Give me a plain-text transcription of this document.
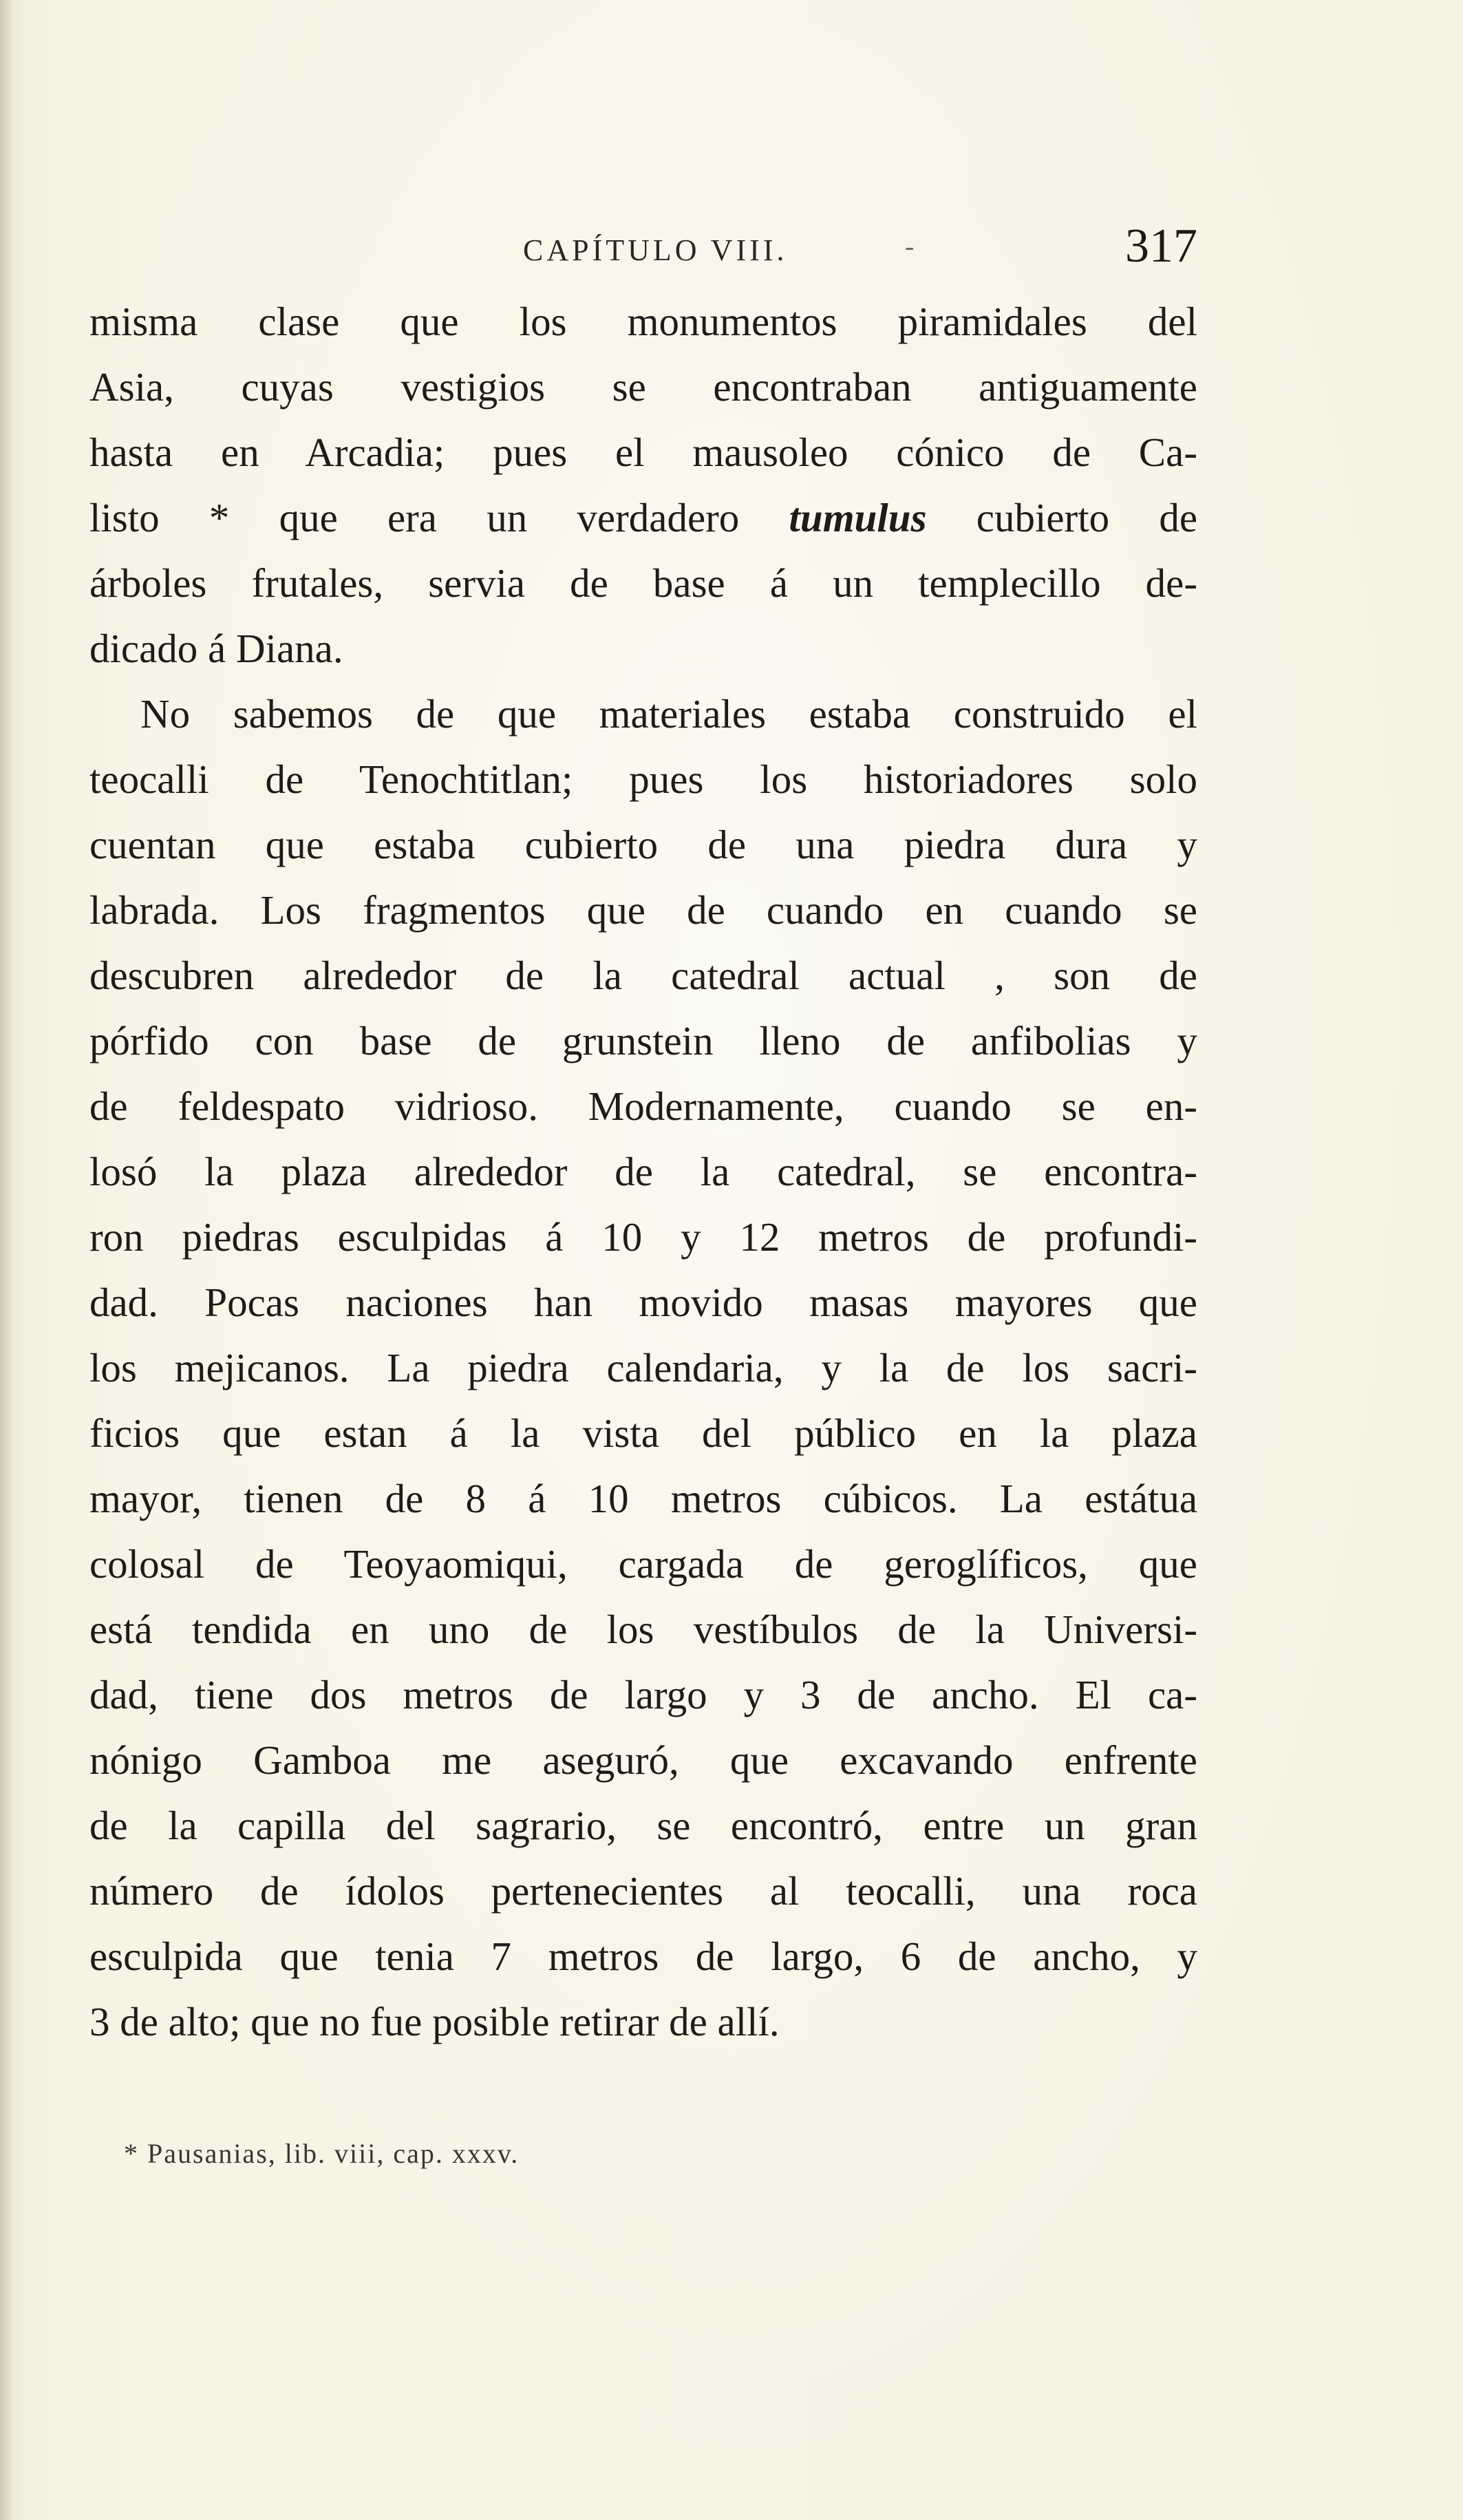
CAPÍTULO VIII.	-	317
misma clase que los monumentos piramidales del
Asia, cuyas vestigios se encontraban antiguamente
hasta en Arcadia; pues el mausoleo cónico de Ca-
listo * que era un verdadero tumulus cubierto de
árboles frutales, servia de base á un templecillo de-
dicado á Diana.
No sabemos de que materiales estaba construido el
teocalli de Tenochtitlan; pues los historiadores solo
cuentan que estaba cubierto de una piedra dura y
labrada. Los fragmentos que de cuando en cuando se
descubren alrededor de la catedral actual , son de
pórfido con base de grunstein lleno de anfibolias y
de feldespato vidrioso. Modernamente, cuando se en-
losó la plaza alrededor de la catedral, se encontra-
ron piedras esculpidas á 10 y 12 metros de profundi-
dad. Pocas naciones han movido masas mayores que
los mejicanos. La piedra calendaria, y la de los sacri-
ficios que estan á la vista del público en la plaza
mayor, tienen de 8 á 10 metros cúbicos. La estátua
colosal de Teoyaomiqui, cargada de geroglíficos, que
está tendida en uno de los vestíbulos de la Universi-
dad, tiene dos metros de largo y 3 de ancho. El ca-
nónigo Gamboa me aseguró, que excavando enfrente
de la capilla del sagrario, se encontró, entre un gran
número de ídolos pertenecientes al teocalli, una roca
esculpida que tenia 7 metros de largo, 6 de ancho, y
3 de alto; que no fue posible retirar de allí.
* Pausanias, lib. viii, cap. xxxv.
